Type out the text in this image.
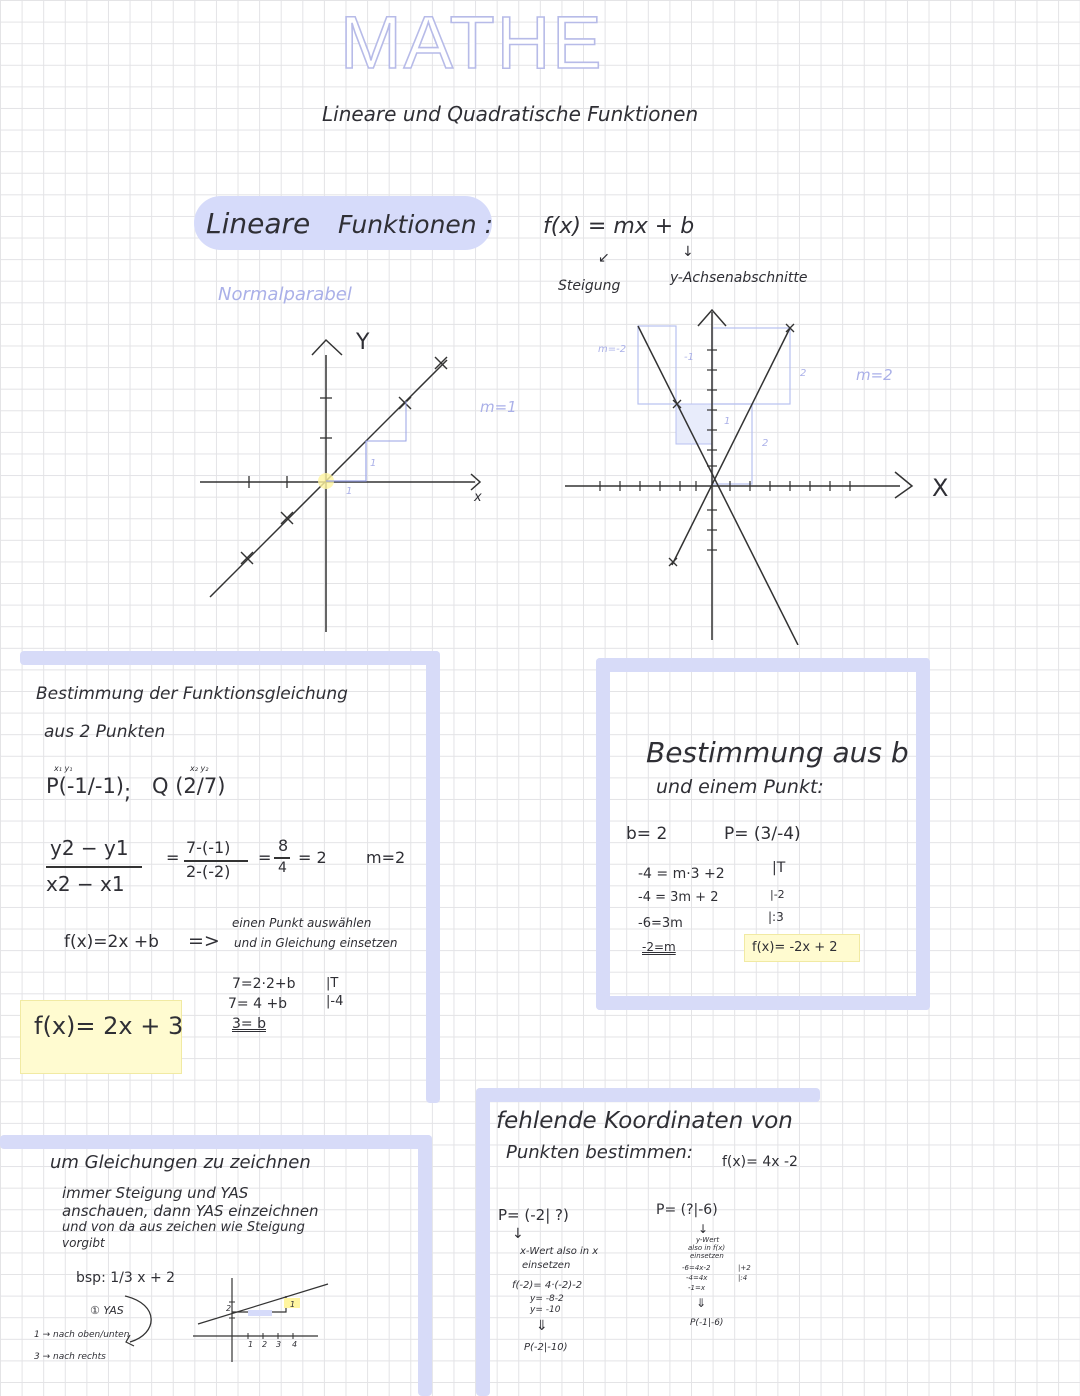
MATHE
Lineare und Quadratische Funktionen
Lineare Funktionen :
Normalparabel
Y
x
m=1
1
1
f(x) = mx + b
↙	↓
Steigung	y-Achsenabschnitte
X
m=-2
-1
1
2
2
m=2
Bestimmung der Funktionsgleichung
aus 2 Punkten
x₁ y₁	x₂ y₂
P(-1/-1) ; Q (2/7)
y2 − y1
x2 − x1
=
7-(-1)
2-(-2)
=
8
4
= 2 m=2
f(x)=2x +b =>
einen Punkt auswählen
und in Gleichung einsetzen
7=2·2+b |T
7= 4 +b	|-4
3= b
f(x)= 2x + 3
Bestimmung aus b
und einem Punkt:
b= 2	P= (3/-4)
-4 = m·3 +2
-4 = 3m + 2
-6=3m
-2=m
|T
|-2
|:3
f(x)= -2x + 2
um Gleichungen zu zeichnen
immer Steigung und YAS
anschauen, dann YAS einzeichnen
und von da aus zeichen wie Steigung
vorgibt
bsp: 1/3 x + 2
① YAS
1 → nach oben/unten
3 → nach rechts
2	1
1 2 3 4
fehlende Koordinaten von
Punkten bestimmen: f(x)= 4x -2
P= (-2| ?)
↓
x-Wert also in x
einsetzen
f(-2)= 4·(-2)-2
y= -8-2
y= -10
⇓
P(-2|-10)
P= (?|-6)
↓
y-Wert
also in f(x)
einsetzen
-6=4x-2
-4=4x
-1=x
|+2
|:4
⇓
P(-1|-6)
